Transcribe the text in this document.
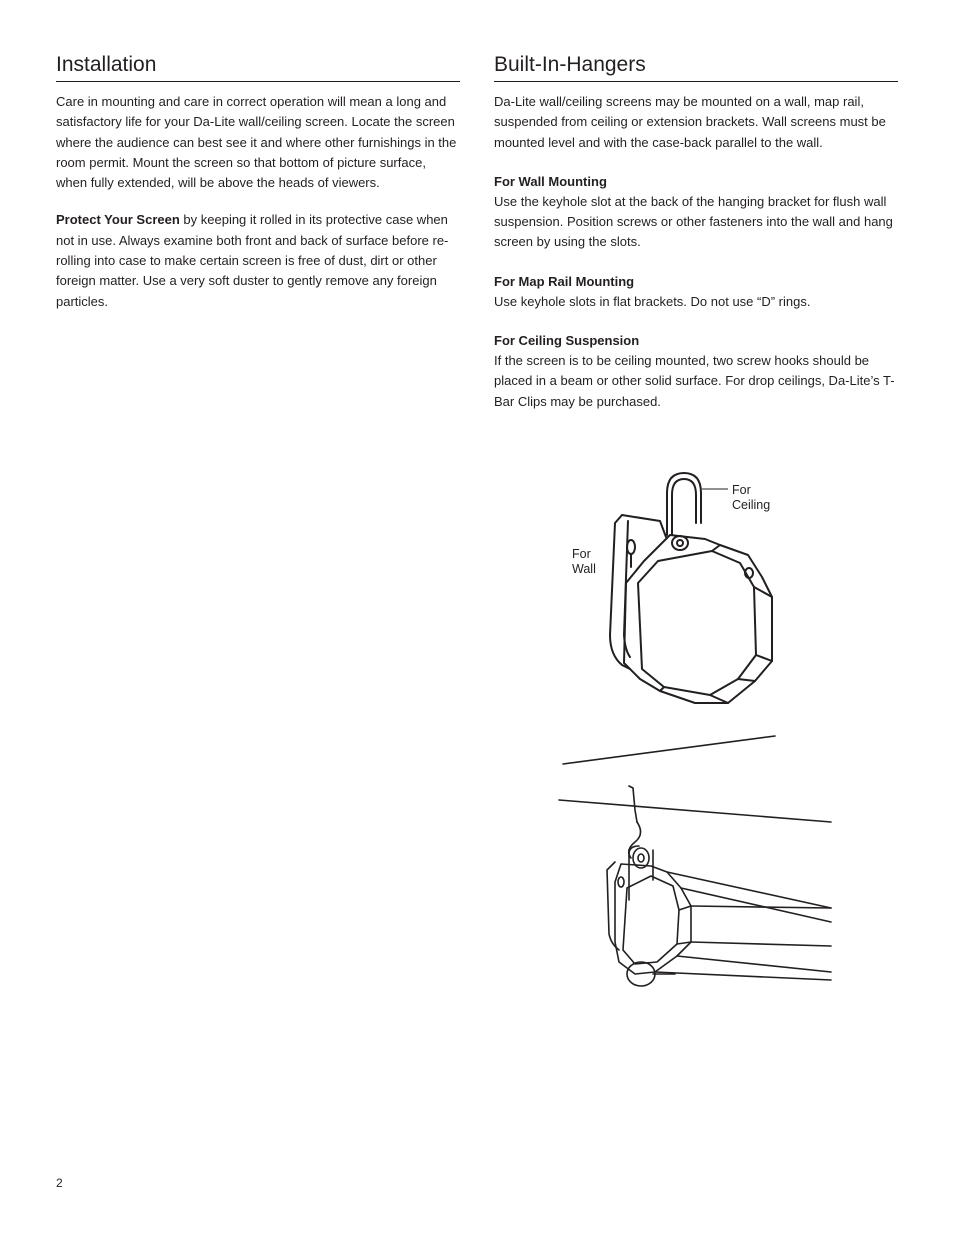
Installation

Care in mounting and care in correct operation will mean a long and satisfactory life for your Da-Lite wall/ceiling screen. Locate the screen where the audience can best see it and where other furnishings in the room permit. Mount the screen so that bottom of picture surface, when fully extended, will be above the heads of viewers.

Protect Your Screen by keeping it rolled in its protective case when not in use. Always examine both front and back of surface before re-rolling into case to make certain screen is free of dust, dirt or other foreign matter. Use a very soft duster to gently remove any foreign particles.

Built-In-Hangers

Da-Lite wall/ceiling screens may be mounted on a wall, map rail, suspended from ceiling or extension brackets. Wall screens must be mounted level and with the case-back parallel to the wall.

For Wall Mounting

Use the keyhole slot at the back of the hanging bracket for flush wall suspension. Position screws or other fasteners into the wall and hang screen by using the slots.

For Map Rail Mounting

Use keyhole slots in flat brackets. Do not use “D” rings.

For Ceiling Suspension

If the screen is to be ceiling mounted, two screw hooks should be placed in a beam or other solid surface. For drop ceilings, Da-Lite’s T-Bar Clips may be purchased.

For
Ceiling
For
Wall
2
